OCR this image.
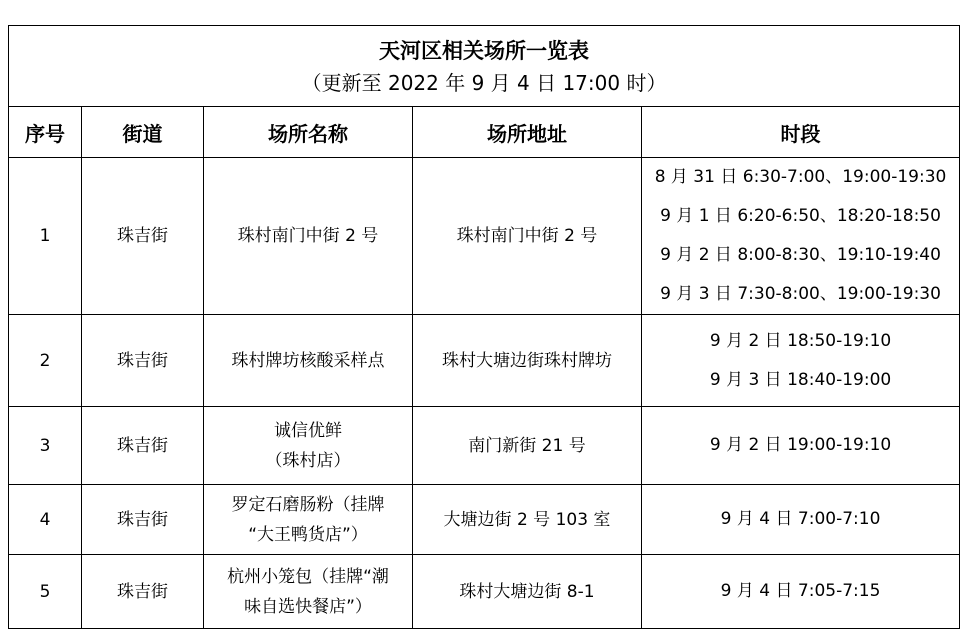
天河区相关场所一览表
（更新至 2022 年 9 月 4 日 17:00 时）				

序号	街道	场所名称	场所地址	时段
1	珠吉街	珠村南门中街 2 号	珠村南门中街 2 号	8 月 31 日 6:30-7:00、19:00-19:30
9 月 1 日 6:20-6:50、18:20-18:50
9 月 2 日 8:00-8:30、19:10-19:40
9 月 3 日 7:30-8:00、19:00-19:30

2	珠吉街	珠村牌坊核酸采样点	珠村大塘边街珠村牌坊	9 月 2 日 18:50-19:10
9 月 3 日 18:40-19:00

3	珠吉街	诚信优鲜
（珠村店）	南门新街 21 号	9 月 2 日 19:00-19:10

4	珠吉街	罗定石磨肠粉（挂牌
“大王鸭货店”）	大塘边街 2 号 103 室	9 月 4 日 7:00-7:10

5	珠吉街	杭州小笼包（挂牌“潮
味自选快餐店”）	珠村大塘边街 8-1	9 月 4 日 7:05-7:15
